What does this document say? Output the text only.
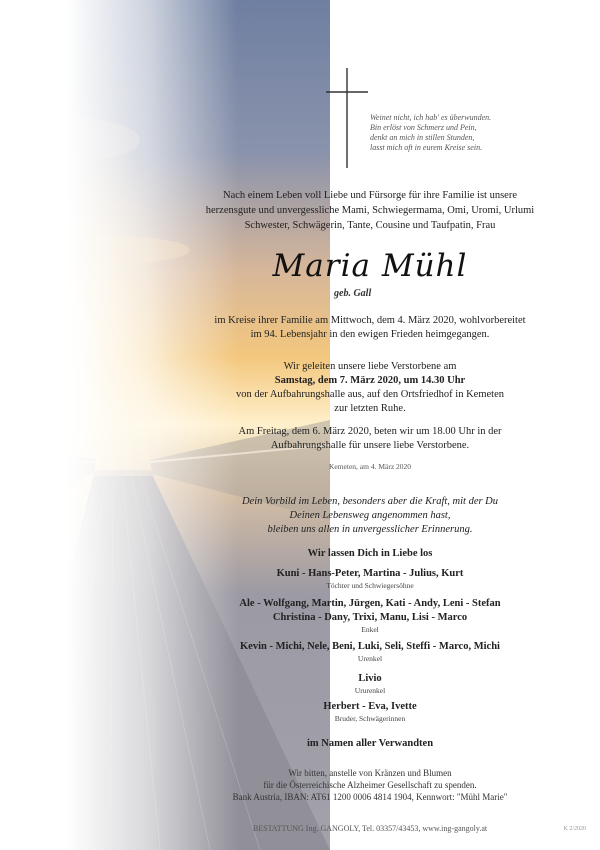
Weinet nicht, ich hab' es überwunden.
Bin erlöst von Schmerz und Pein,
denkt an mich in stillen Stunden,
lasst mich oft in eurem Kreise sein.
Nach einem Leben voll Liebe und Fürsorge für ihre Familie ist unsere
herzensgute und unvergessliche Mami, Schwiegermama, Omi, Uromi, Urlumi
Schwester, Schwägerin, Tante, Cousine und Taufpatin, Frau
Maria Mühl
geb. Gall
im Kreise ihrer Familie am Mittwoch, dem 4. März 2020, wohlvorbereitet
im 94. Lebensjahr in den ewigen Frieden heimgegangen.
Wir geleiten unsere liebe Verstorbene am
Samstag, dem 7. März 2020, um 14.30 Uhr
von der Aufbahrungshalle aus, auf den Ortsfriedhof in Kemeten
zur letzten Ruhe.
Am Freitag, dem 6. März 2020, beten wir um 18.00 Uhr in der
Aufbahrungshalle für unsere liebe Verstorbene.
Kemeten, am 4. März 2020
Dein Vorbild im Leben, besonders aber die Kraft, mit der Du
Deinen Lebensweg angenommen hast,
bleiben uns allen in unvergesslicher Erinnerung.
Wir lassen Dich in Liebe los
Kuni - Hans-Peter, Martina - Julius, Kurt
Töchter und Schwiegersöhne
Ale - Wolfgang, Martin, Jürgen, Kati - Andy, Leni - Stefan
Christina - Dany, Trixi, Manu, Lisi - Marco
Enkel
Kevin - Michi, Nele, Beni, Luki, Seli, Steffi - Marco, Michi
Urenkel
Livio
Ururenkel
Herbert - Eva, Ivette
Bruder, Schwägerinnen
im Namen aller Verwandten
Wir bitten, anstelle von Kränzen und Blumen
für die Österreichische Alzheimer Gesellschaft zu spenden.
Bank Austria, IBAN: AT61 1200 0006 4814 1904, Kennwort: "Mühl Marie"
BESTATTUNG Ing. GANGOLY, Tel. 03357/43453, www.ing-gangoly.at	K 2/2020
